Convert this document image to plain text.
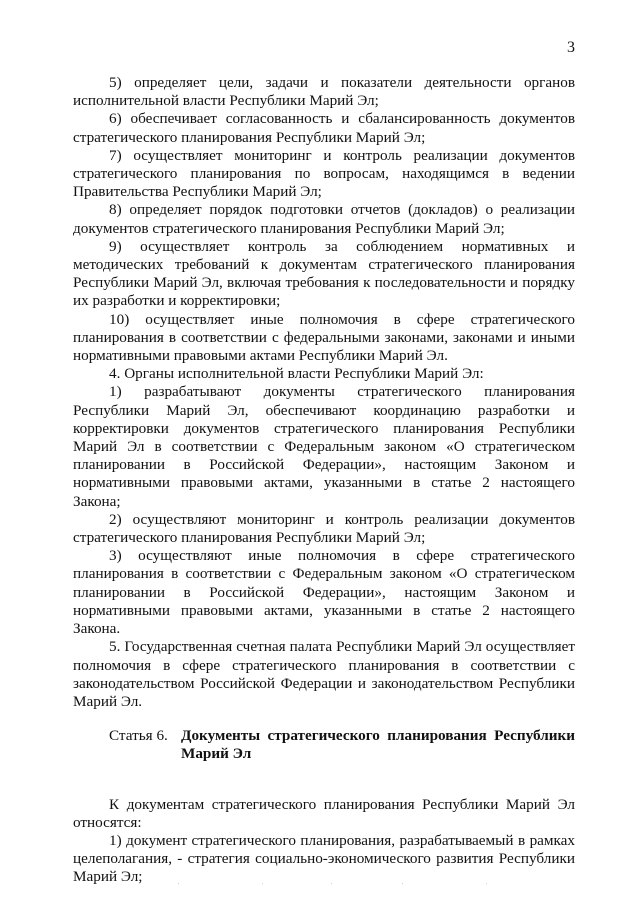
3

5) определяет цели, задачи и показатели деятельности органов исполнительной власти Республики Марий Эл;

6) обеспечивает согласованность и сбалансированность документов стратегического планирования Республики Марий Эл;

7) осуществляет мониторинг и контроль реализации документов стратегического планирования по вопросам, находящимся в ведении Правительства Республики Марий Эл;

8) определяет порядок подготовки отчетов (докладов) о реализации документов стратегического планирования Республики Марий Эл;

9) осуществляет контроль за соблюдением нормативных и методических требований к документам стратегического планирования Республики Марий Эл, включая требования к последовательности и порядку их разработки и корректировки;

10) осуществляет иные полномочия в сфере стратегического планирования в соответствии с федеральными законами, законами и иными нормативными правовыми актами Республики Марий Эл.

4. Органы исполнительной власти Республики Марий Эл:

1) разрабатывают документы стратегического планирования Республики Марий Эл, обеспечивают координацию разработки и корректировки документов стратегического планирования Республики Марий Эл в соответствии с Федеральным законом «О стратегическом планировании в Российской Федерации», настоящим Законом и нормативными правовыми актами, указанными в статье 2 настоящего Закона;

2) осуществляют мониторинг и контроль реализации документов стратегического планирования Республики Марий Эл;

3) осуществляют иные полномочия в сфере стратегического планирования в соответствии с Федеральным законом «О стратегическом планировании в Российской Федерации», настоящим Законом и нормативными правовыми актами, указанными в статье 2 настоящего Закона.

5. Государственная счетная палата Республики Марий Эл осуществляет полномочия в сфере стратегического планирования в соответствии с законодательством Российской Федерации и законодательством Республики Марий Эл.

Статья 6. Документы стратегического планирования Республики Марий Эл

К документам стратегического планирования Республики Марий Эл относятся:

1) документ стратегического планирования, разрабатываемый в рамках целеполагания, - стратегия социально-экономического развития Республики Марий Эл;
